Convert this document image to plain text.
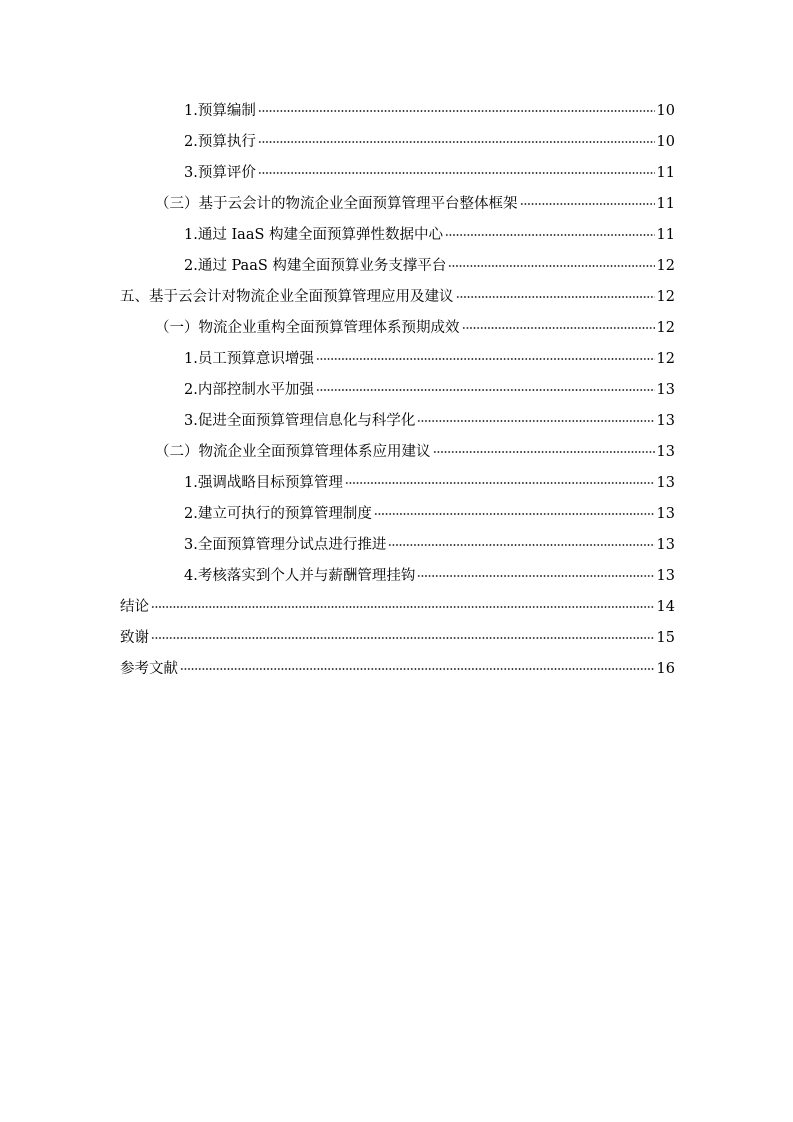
1.预算编制	10
2.预算执行	10
3.预算评价	11
（三）基于云会计的物流企业全面预算管理平台整体框架	11
1.通过 IaaS 构建全面预算弹性数据中心	11
2.通过 PaaS 构建全面预算业务支撑平台	12
五、基于云会计对物流企业全面预算管理应用及建议	12
（一）物流企业重构全面预算管理体系预期成效	12
1.员工预算意识增强	12
2.内部控制水平加强	13
3.促进全面预算管理信息化与科学化	13
（二）物流企业全面预算管理体系应用建议	13
1.强调战略目标预算管理	13
2.建立可执行的预算管理制度	13
3.全面预算管理分试点进行推进	13
4.考核落实到个人并与薪酬管理挂钩	13
结论	14
致谢	15
参考文献	16
